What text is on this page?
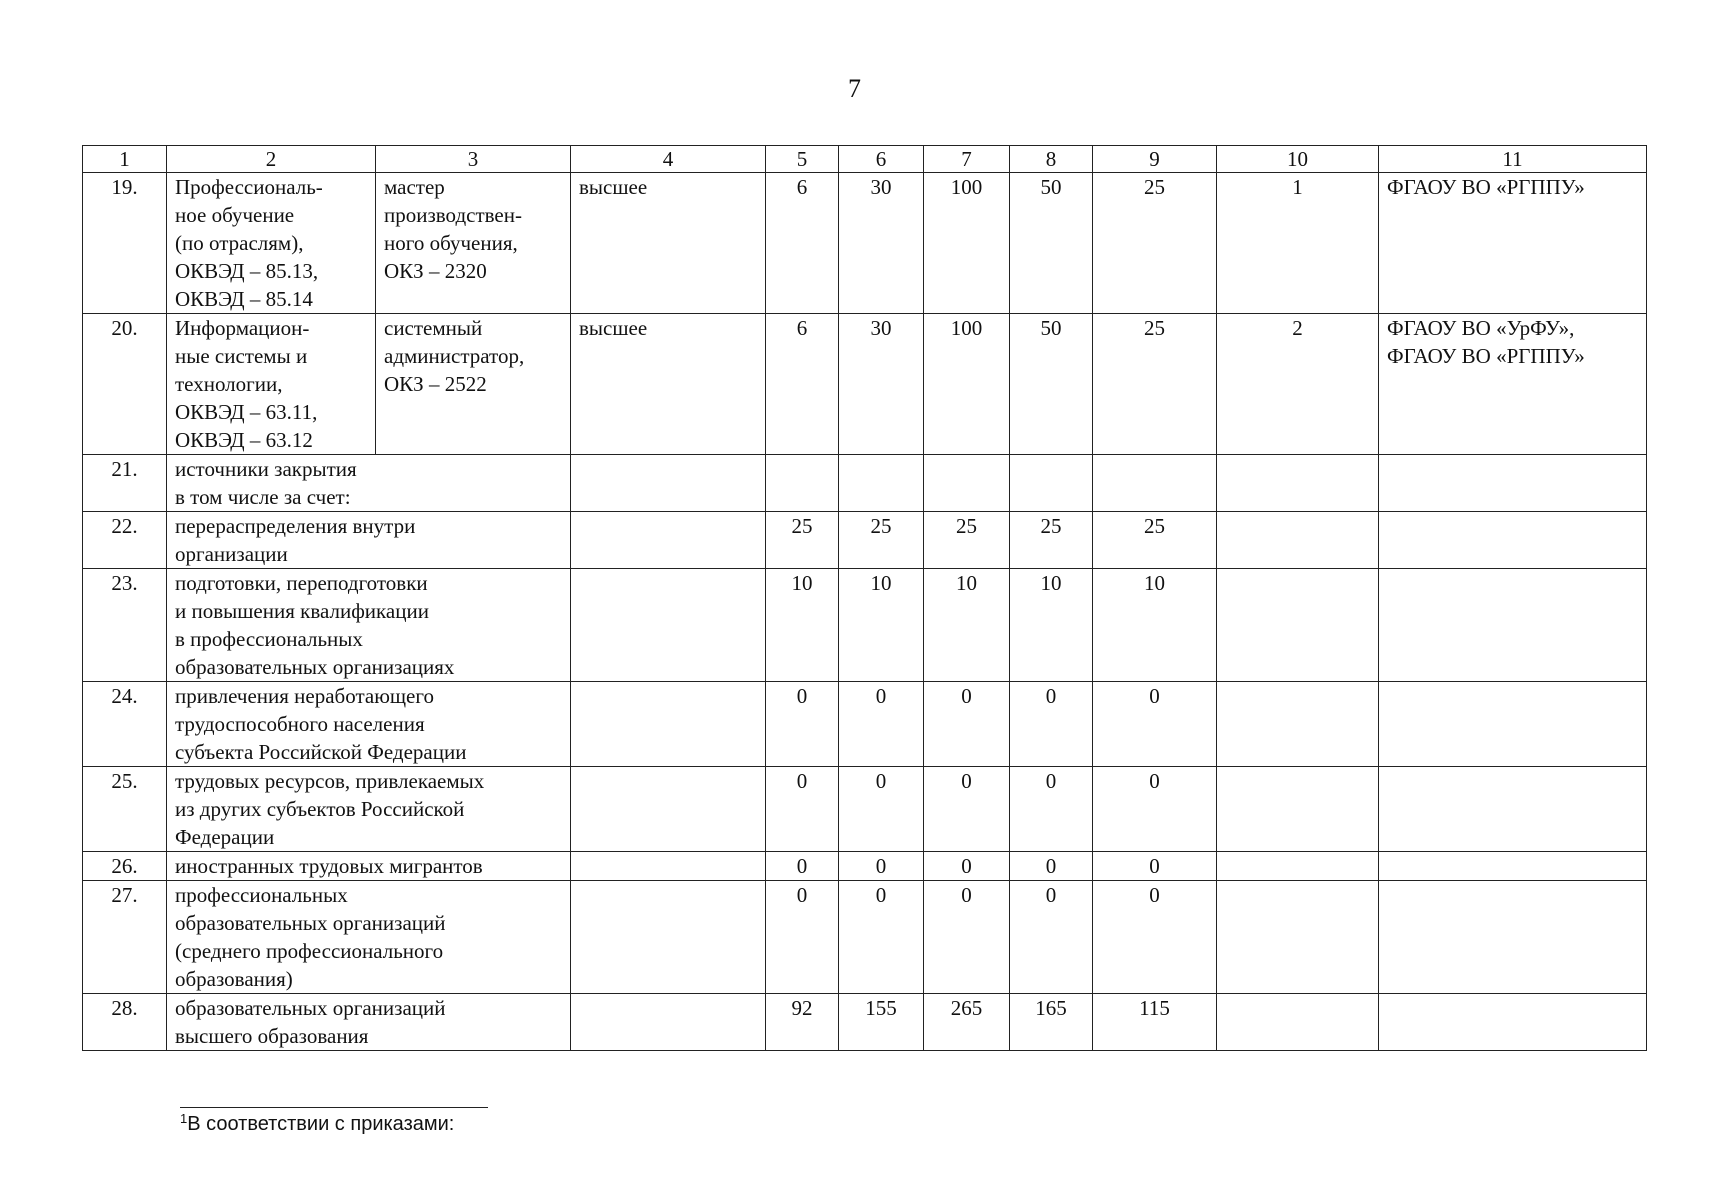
7
1	2	3	4	5	6	7	8	9	10	11
19.	Профессиональ-
ное обучение
(по отраслям),
ОКВЭД – 85.13,
ОКВЭД – 85.14	мастер
производствен-
ного обучения,
ОКЗ – 2320	высшее	6	30	100	50	25	1	ФГАОУ ВО «РГППУ»
20.	Информацион-
ные системы и
технологии,
ОКВЭД – 63.11,
ОКВЭД – 63.12	системный
администратор,
ОКЗ – 2522	высшее	6	30	100	50	25	2	ФГАОУ ВО «УрФУ»,
ФГАОУ ВО «РГППУ»
21.	источники закрытия
в том числе за счет:									
22.	перераспределения внутри
организации			25	25	25	25	25		
23.	подготовки, переподготовки
и повышения квалификации
в профессиональных
образовательных организациях			10	10	10	10	10		
24.	привлечения неработающего
трудоспособного населения
субъекта Российской Федерации			0	0	0	0	0		
25.	трудовых ресурсов, привлекаемых
из других субъектов Российской
Федерации			0	0	0	0	0		
26.	иностранных трудовых мигрантов			0	0	0	0	0		
27.	профессиональных
образовательных организаций
(среднего профессионального
образования)			0	0	0	0	0		
28.	образовательных организаций
высшего образования			92	155	265	165	115		
$^1$В соответствии с приказами:
